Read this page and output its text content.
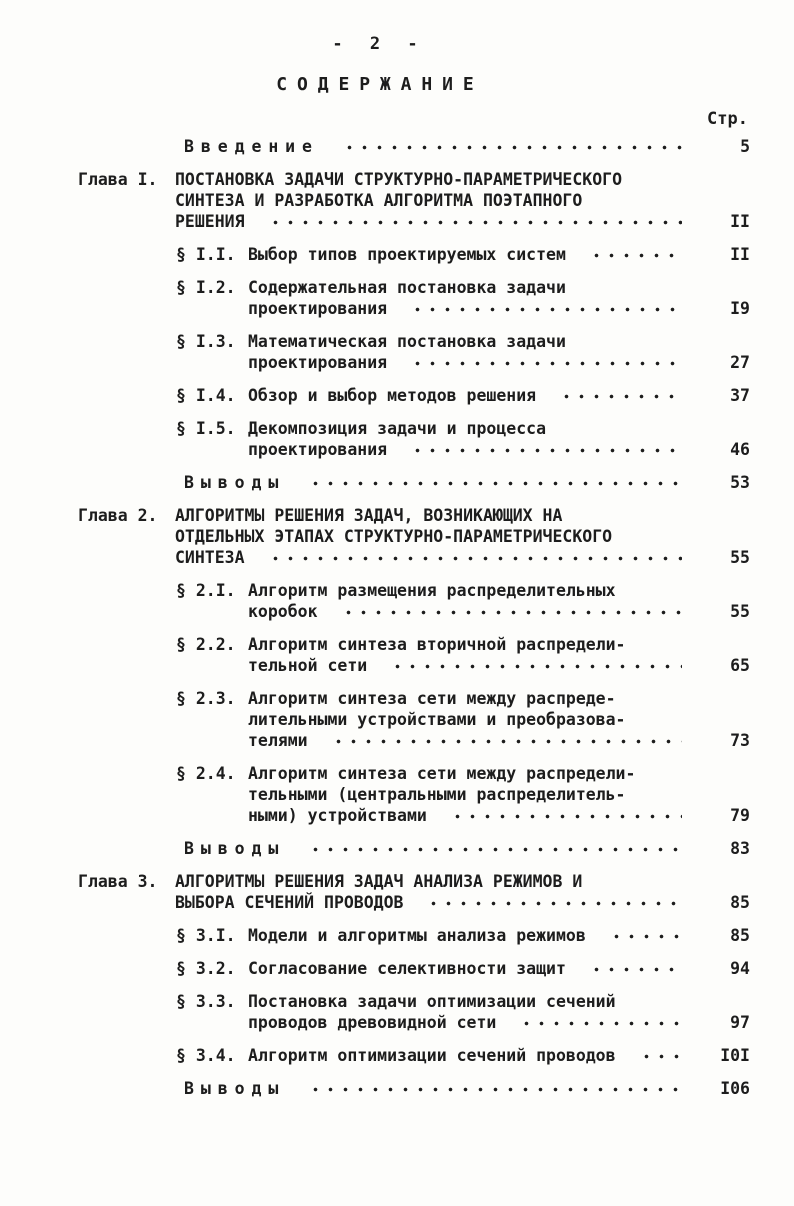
- 2 -
СОДЕРЖАНИЕ
Стр.
Введение	5
Глава I.	ПОСТАНОВКА ЗАДАЧИ СТРУКТУРНО-ПАРАМЕТРИЧЕСКОГО
СИНТЕЗА И РАЗРАБОТКА АЛГОРИТМА ПОЭТАПНОГО
РЕШЕНИЯ	II
§ I.I. Выбор типов проектируемых систем	II
§ I.2. Содержательная постановка задачи
проектирования	I9
§ I.3. Математическая постановка задачи
проектирования	27
§ I.4. Обзор и выбор методов решения	37
§ I.5. Декомпозиция задачи и процесса
проектирования	46
Выводы	53
Глава 2.	АЛГОРИТМЫ РЕШЕНИЯ ЗАДАЧ, ВОЗНИКАЮЩИХ НА
ОТДЕЛЬНЫХ ЭТАПАХ СТРУКТУРНО-ПАРАМЕТРИЧЕСКОГО
СИНТЕЗА	55
§ 2.I. Алгоритм размещения распределительных
коробок	55
§ 2.2. Алгоритм синтеза вторичной распредели-
тельной сети	65
§ 2.3. Алгоритм синтеза сети между распреде-
лительными устройствами и преобразова-
телями	73
§ 2.4. Алгоритм синтеза сети между распредели-
тельными (центральными распределитель-
ными) устройствами	79
Выводы	83
Глава 3.	АЛГОРИТМЫ РЕШЕНИЯ ЗАДАЧ АНАЛИЗА РЕЖИМОВ И
ВЫБОРА СЕЧЕНИЙ ПРОВОДОВ	85
§ 3.I. Модели и алгоритмы анализа режимов	85
§ 3.2. Согласование селективности защит	94
§ 3.3. Постановка задачи оптимизации сечений
проводов древовидной сети	97
§ 3.4. Алгоритм оптимизации сечений проводов	I0I
Выводы	I06
